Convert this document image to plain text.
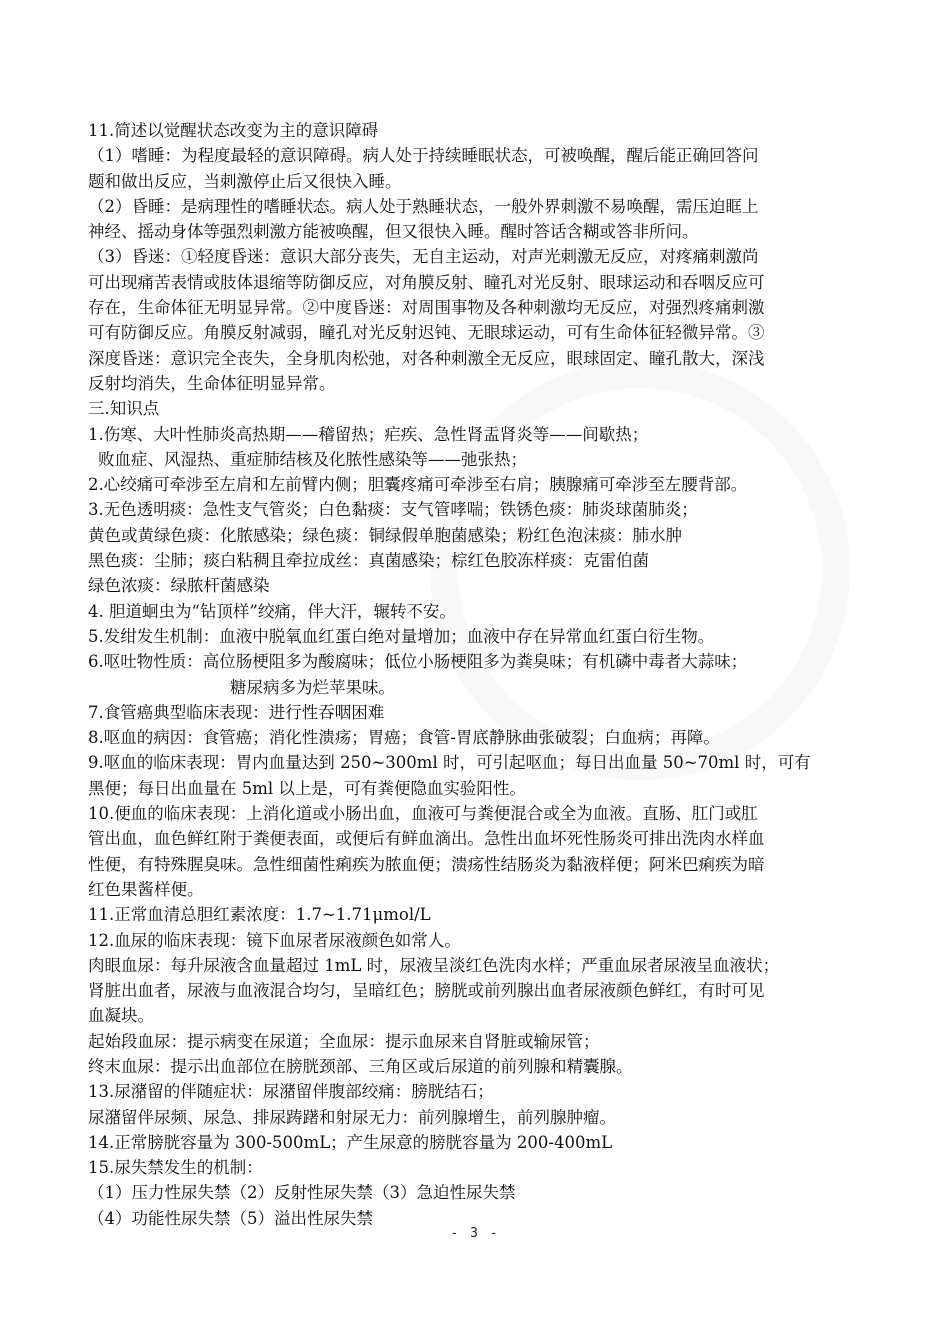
11.简述以觉醒状态改变为主的意识障碍
（1）嗜睡：为程度最轻的意识障碍。病人处于持续睡眠状态，可被唤醒，醒后能正确回答问
题和做出反应，当刺激停止后又很快入睡。
（2）昏睡：是病理性的嗜睡状态。病人处于熟睡状态，一般外界刺激不易唤醒，需压迫眶上
神经、摇动身体等强烈刺激方能被唤醒，但又很快入睡。醒时答话含糊或答非所问。
（3）昏迷：①轻度昏迷：意识大部分丧失，无自主运动，对声光刺激无反应，对疼痛刺激尚
可出现痛苦表情或肢体退缩等防御反应，对角膜反射、瞳孔对光反射、眼球运动和吞咽反应可
存在，生命体征无明显异常。②中度昏迷：对周围事物及各种刺激均无反应，对强烈疼痛刺激
可有防御反应。角膜反射减弱，瞳孔对光反射迟钝、无眼球运动，可有生命体征轻微异常。③
深度昏迷：意识完全丧失，全身肌肉松弛，对各种刺激全无反应，眼球固定、瞳孔散大，深浅
反射均消失，生命体征明显异常。
三.知识点
1.伤寒、大叶性肺炎高热期——稽留热；疟疾、急性肾盂肾炎等——间歇热；
败血症、风湿热、重症肺结核及化脓性感染等——弛张热；
2.心绞痛可牵涉至左肩和左前臂内侧；胆囊疼痛可牵涉至右肩；胰腺痛可牵涉至左腰背部。
3.无色透明痰：急性支气管炎；白色黏痰：支气管哮喘；铁锈色痰：肺炎球菌肺炎；
黄色或黄绿色痰：化脓感染；绿色痰：铜绿假单胞菌感染；粉红色泡沫痰：肺水肿
黑色痰：尘肺；痰白粘稠且牵拉成丝：真菌感染；棕红色胶冻样痰：克雷伯菌
绿色浓痰：绿脓杆菌感染
4. 胆道蛔虫为“钻顶样”绞痛，伴大汗，辗转不安。
5.发绀发生机制：血液中脱氧血红蛋白绝对量增加；血液中存在异常血红蛋白衍生物。
6.呕吐物性质：高位肠梗阻多为酸腐味；低位小肠梗阻多为粪臭味；有机磷中毒者大蒜味；
糖尿病多为烂苹果味。
7.食管癌典型临床表现：进行性吞咽困难
8.呕血的病因：食管癌；消化性溃疡；胃癌；食管-胃底静脉曲张破裂；白血病；再障。
9.呕血的临床表现：胃内血量达到 250~300ml 时，可引起呕血；每日出血量 50~70ml 时，可有
黑便；每日出血量在 5ml 以上是，可有粪便隐血实验阳性。
10.便血的临床表现：上消化道或小肠出血，血液可与粪便混合或全为血液。直肠、肛门或肛
管出血，血色鲜红附于粪便表面，或便后有鲜血滴出。急性出血坏死性肠炎可排出洗肉水样血
性便，有特殊腥臭味。急性细菌性痢疾为脓血便；溃疡性结肠炎为黏液样便；阿米巴痢疾为暗
红色果酱样便。
11.正常血清总胆红素浓度：1.7~1.71μmol/L
12.血尿的临床表现：镜下血尿者尿液颜色如常人。
肉眼血尿：每升尿液含血量超过 1mL 时，尿液呈淡红色洗肉水样；严重血尿者尿液呈血液状；
肾脏出血者，尿液与血液混合均匀，呈暗红色；膀胱或前列腺出血者尿液颜色鲜红，有时可见
血凝块。
起始段血尿：提示病变在尿道；全血尿：提示血尿来自肾脏或输尿管；
终末血尿：提示出血部位在膀胱颈部、三角区或后尿道的前列腺和精囊腺。
13.尿潴留的伴随症状：尿潴留伴腹部绞痛：膀胱结石；
尿潴留伴尿频、尿急、排尿踌躇和射尿无力：前列腺增生，前列腺肿瘤。
14.正常膀胱容量为 300-500mL；产生尿意的膀胱容量为 200-400mL
15.尿失禁发生的机制：
（1）压力性尿失禁（2）反射性尿失禁（3）急迫性尿失禁
（4）功能性尿失禁（5）溢出性尿失禁
- 3 -
